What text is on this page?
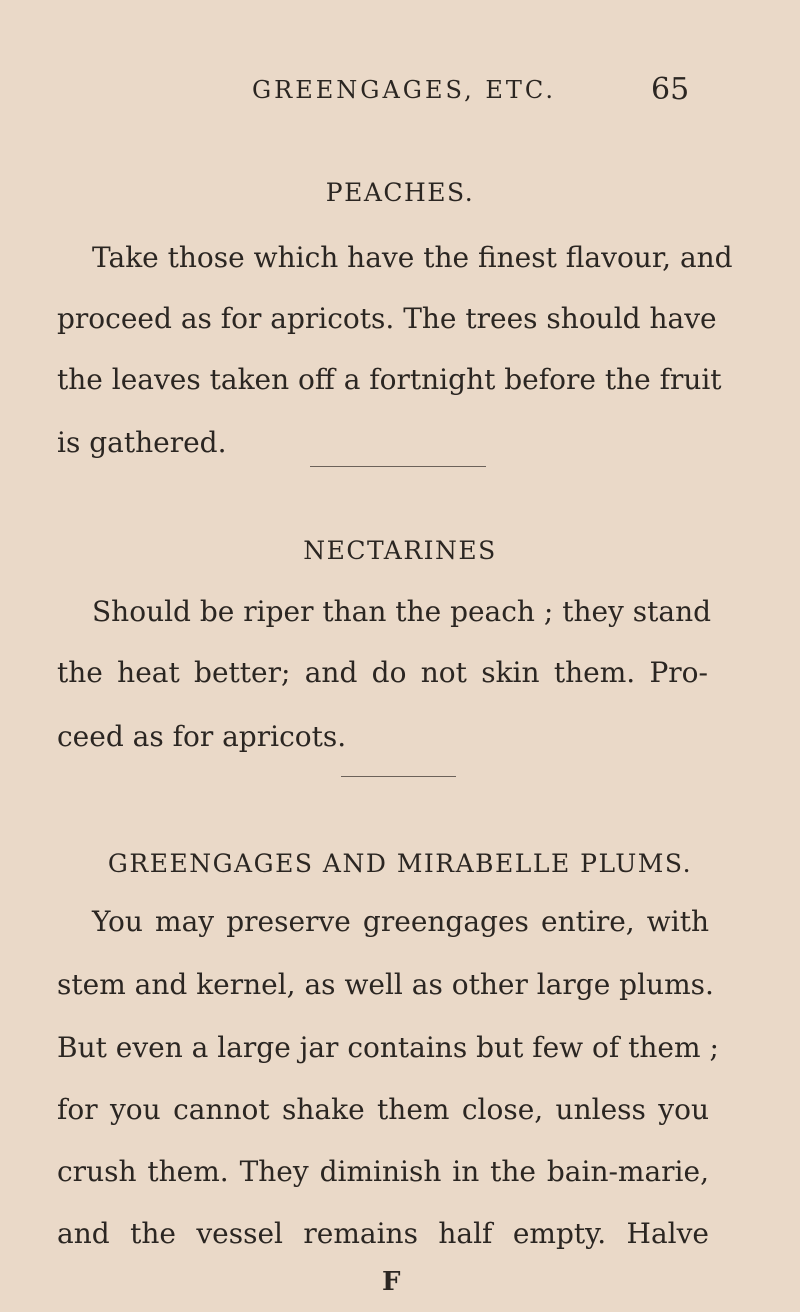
GREENGAGES, ETC.	65
PEACHES.
Take those which have the finest flavour, and
proceed as for apricots. The trees should have
the leaves taken off a fortnight before the fruit
is gathered.
NECTARINES
Should be riper than the peach ; they stand
the heat better; and do not skin them. Pro-
ceed as for apricots.
GREENGAGES AND MIRABELLE PLUMS.
You may preserve greengages entire, with
stem and kernel, as well as other large plums.
But even a large jar contains but few of them ;
for you cannot shake them close, unless you
crush them. They diminish in the bain-marie,
and the vessel remains half empty. Halve
F
